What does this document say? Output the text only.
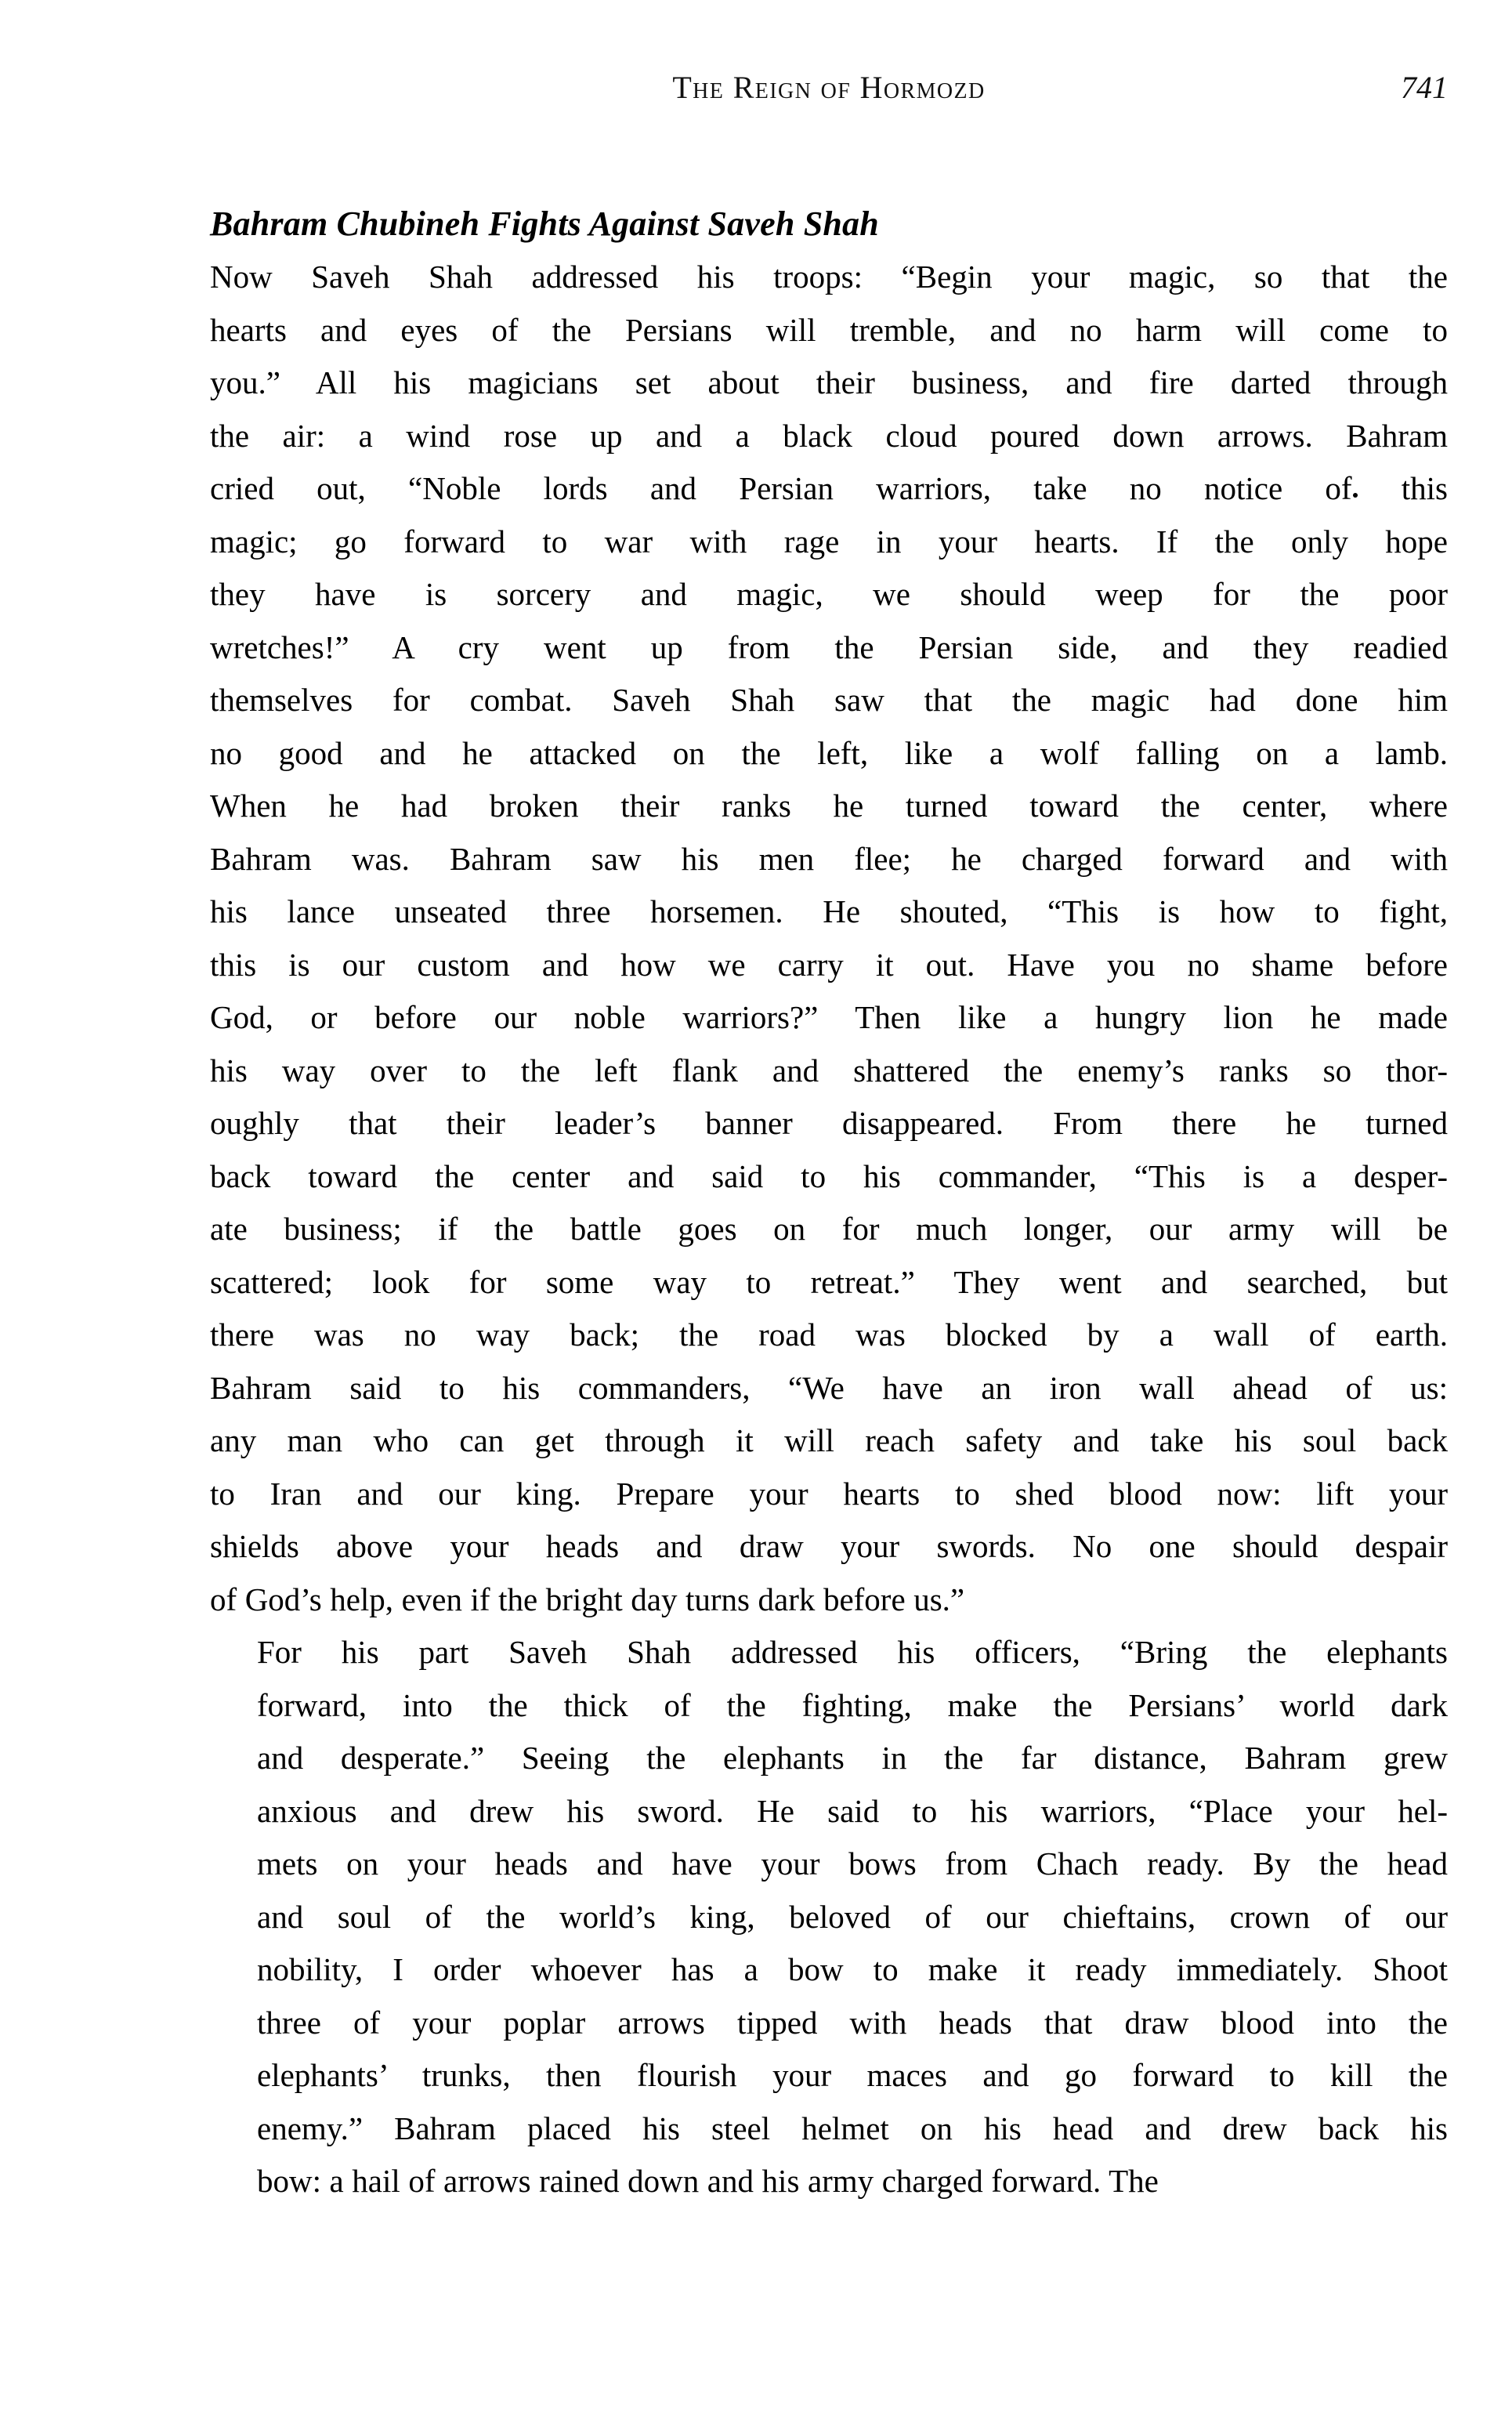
The Reign of Hormozd	741
Bahram Chubineh Fights Against Saveh Shah

Now Saveh Shah addressed his troops: “Begin your magic, so that the
hearts and eyes of the Persians will tremble, and no harm will come to
you.” All his magicians set about their business, and fire darted through
the air: a wind rose up and a black cloud poured down arrows. Bahram
cried out, “Noble lords and Persian warriors, take no notice of this
magic; go forward to war with rage in your hearts. If the only hope
they have is sorcery and magic, we should weep for the poor
wretches!” A cry went up from the Persian side, and they readied
themselves for combat. Saveh Shah saw that the magic had done him
no good and he attacked on the left, like a wolf falling on a lamb.
When he had broken their ranks he turned toward the center, where
Bahram was. Bahram saw his men flee; he charged forward and with
his lance unseated three horsemen. He shouted, “This is how to fight,
this is our custom and how we carry it out. Have you no shame before
God, or before our noble warriors?” Then like a hungry lion he made
his way over to the left flank and shattered the enemy’s ranks so thor-
oughly that their leader’s banner disappeared. From there he turned
back toward the center and said to his commander, “This is a desper-
ate business; if the battle goes on for much longer, our army will be
scattered; look for some way to retreat.” They went and searched, but
there was no way back; the road was blocked by a wall of earth.
Bahram said to his commanders, “We have an iron wall ahead of us:
any man who can get through it will reach safety and take his soul back
to Iran and our king. Prepare your hearts to shed blood now: lift your
shields above your heads and draw your swords. No one should despair
of God’s help, even if the bright day turns dark before us.”

For his part Saveh Shah addressed his officers, “Bring the elephants
forward, into the thick of the fighting, make the Persians’ world dark
and desperate.” Seeing the elephants in the far distance, Bahram grew
anxious and drew his sword. He said to his warriors, “Place your hel-
mets on your heads and have your bows from Chach ready. By the head
and soul of the world’s king, beloved of our chieftains, crown of our
nobility, I order whoever has a bow to make it ready immediately. Shoot
three of your poplar arrows tipped with heads that draw blood into the
elephants’ trunks, then flourish your maces and go forward to kill the
enemy.” Bahram placed his steel helmet on his head and drew back his
bow: a hail of arrows rained down and his army charged forward. The
